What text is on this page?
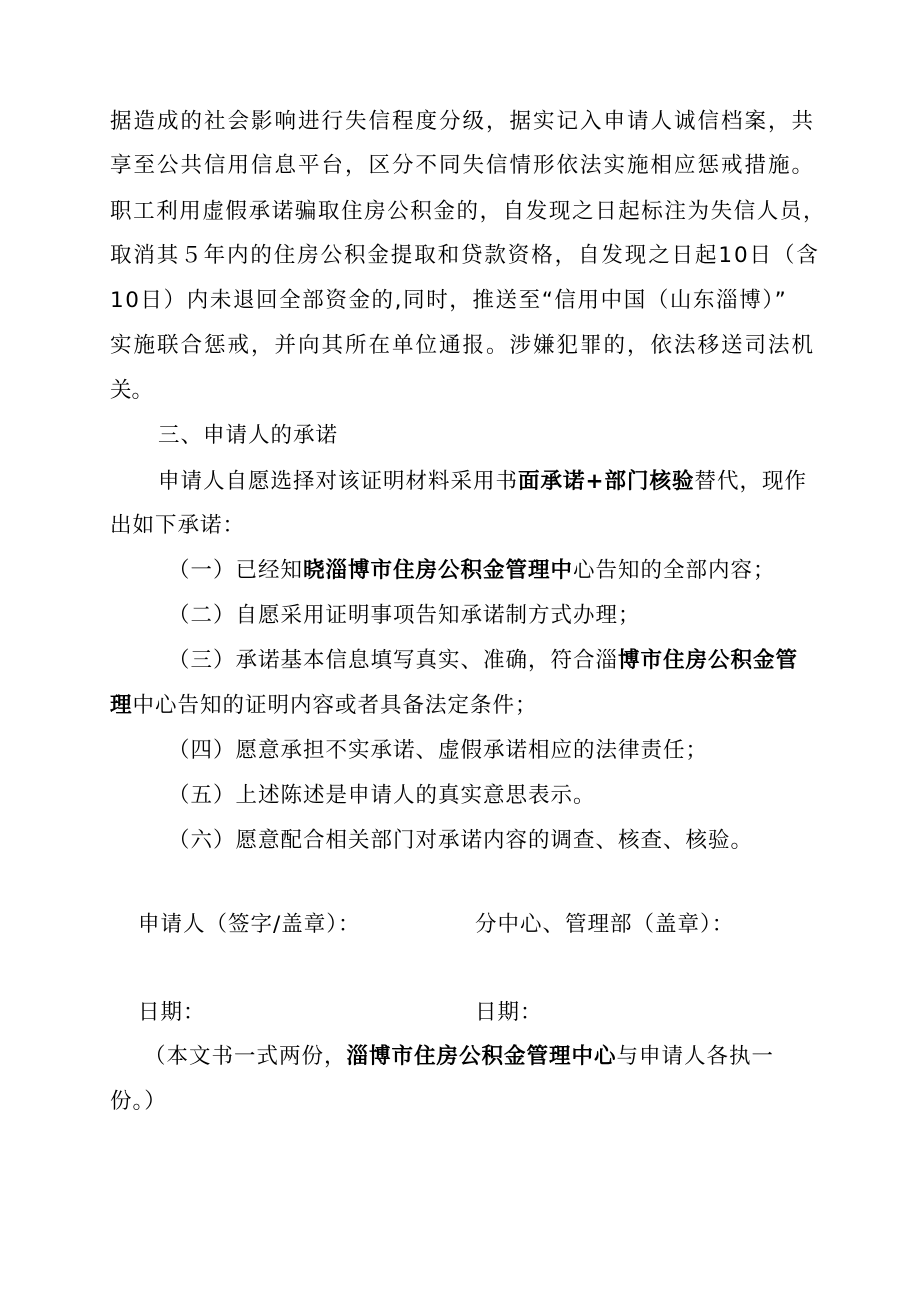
据造成的社会影响进行失信程度分级，据实记入申请人诚信档案，共
享至公共信用信息平台，区分不同失信情形依法实施相应惩戒措施。
职工利用虚假承诺骗取住房公积金的，自发现之日起标注为失信人员，
取消其５年内的住房公积金提取和贷款资格，自发现之日起10日（含
10日）内未退回全部资金的,同时，推送至“信用中国（山东淄博）”
实施联合惩戒，并向其所在单位通报。涉嫌犯罪的，依法移送司法机
关。
三、申请人的承诺
申请人自愿选择对该证明材料采用书面承诺+部门核验替代，现作
出如下承诺：
（一）已经知晓淄博市住房公积金管理中心告知的全部内容；
（二）自愿采用证明事项告知承诺制方式办理；
（三）承诺基本信息填写真实、准确，符合淄博市住房公积金管
理中心告知的证明内容或者具备法定条件；
（四）愿意承担不实承诺、虚假承诺相应的法律责任；
（五）上述陈述是申请人的真实意思表示。
（六）愿意配合相关部门对承诺内容的调查、核查、核验。
申请人（签字/盖章）：	分中心、管理部（盖章）：
日期：	日期：
（本文书一式两份，淄博市住房公积金管理中心与申请人各执一
份。）
